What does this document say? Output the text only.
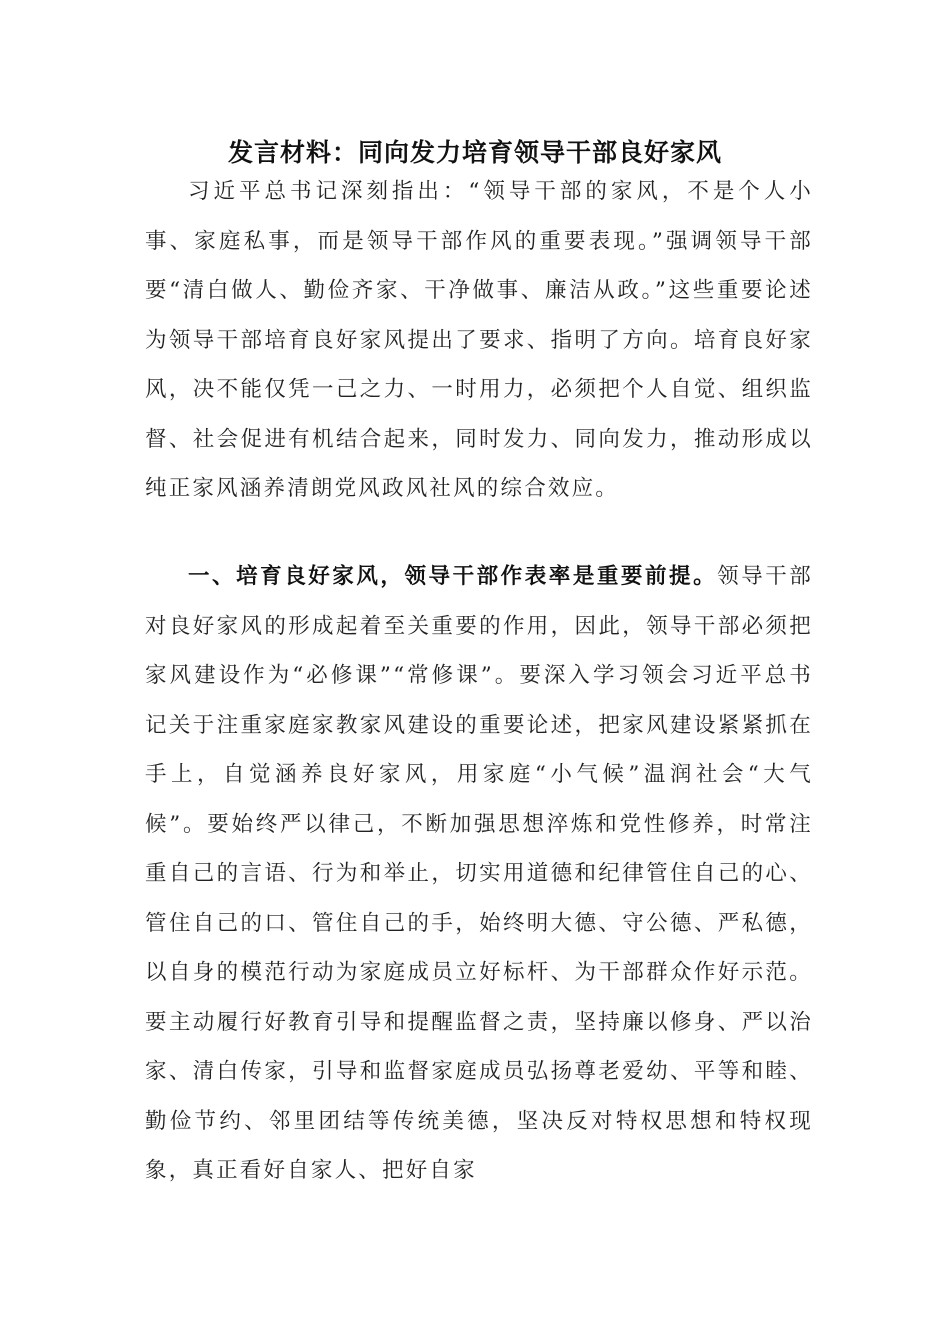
发言材料：同向发力培育领导干部良好家风

习近平总书记深刻指出：“领导干部的家风，不是个人小事、家庭私事，而是领导干部作风的重要表现。”强调领导干部要“清白做人、勤俭齐家、干净做事、廉洁从政。”这些重要论述为领导干部培育良好家风提出了要求、指明了方向。培育良好家风，决不能仅凭一己之力、一时用力，必须把个人自觉、组织监督、社会促进有机结合起来，同时发力、同向发力，推动形成以纯正家风涵养清朗党风政风社风的综合效应。

一、培育良好家风，领导干部作表率是重要前提。领导干部对良好家风的形成起着至关重要的作用，因此，领导干部必须把家风建设作为“必修课”“常修课”。要深入学习领会习近平总书记关于注重家庭家教家风建设的重要论述，把家风建设紧紧抓在手上，自觉涵养良好家风，用家庭“小气候”温润社会“大气候”。要始终严以律己，不断加强思想淬炼和党性修养，时常注重自己的言语、行为和举止，切实用道德和纪律管住自己的心、管住自己的口、管住自己的手，始终明大德、守公德、严私德，以自身的模范行动为家庭成员立好标杆、为干部群众作好示范。要主动履行好教育引导和提醒监督之责，坚持廉以修身、严以治家、清白传家，引导和监督家庭成员弘扬尊老爱幼、平等和睦、勤俭节约、邻里团结等传统美德，坚决反对特权思想和特权现象，真正看好自家人、把好自家
